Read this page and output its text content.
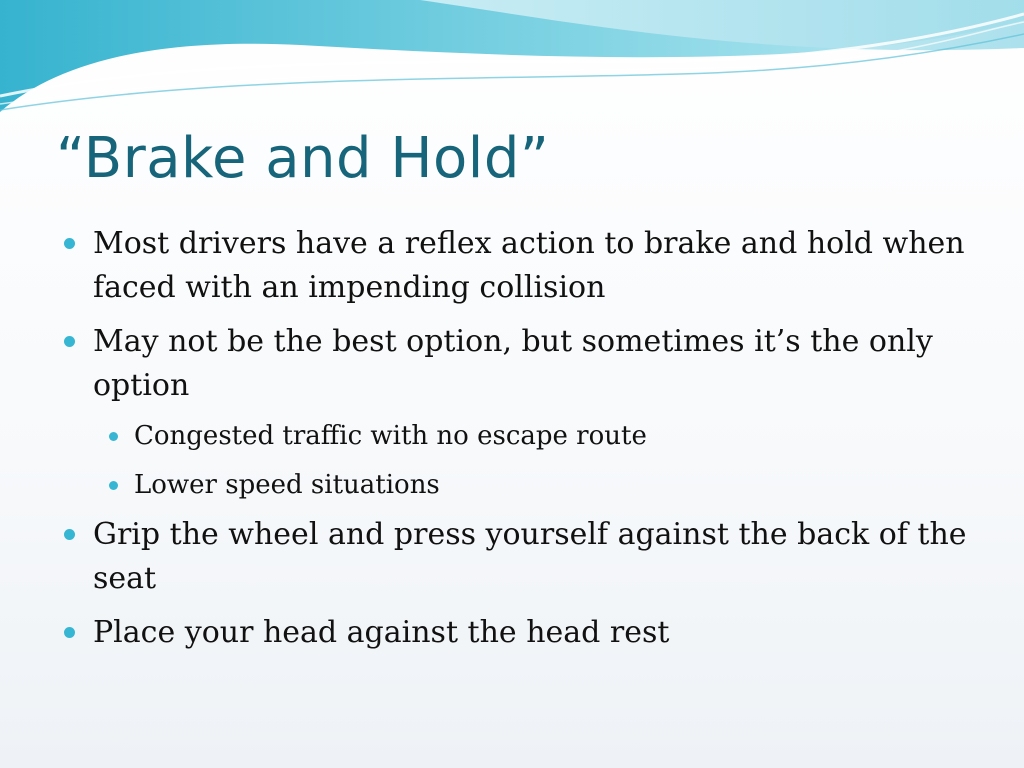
“Brake and Hold”
Most drivers have a reflex action to brake and hold when faced with an impending collision
May not be the best option, but sometimes it’s the only option
Congested traffic with no escape route
Lower speed situations
Grip the wheel and press yourself against the back of the seat
Place your head against the head rest
